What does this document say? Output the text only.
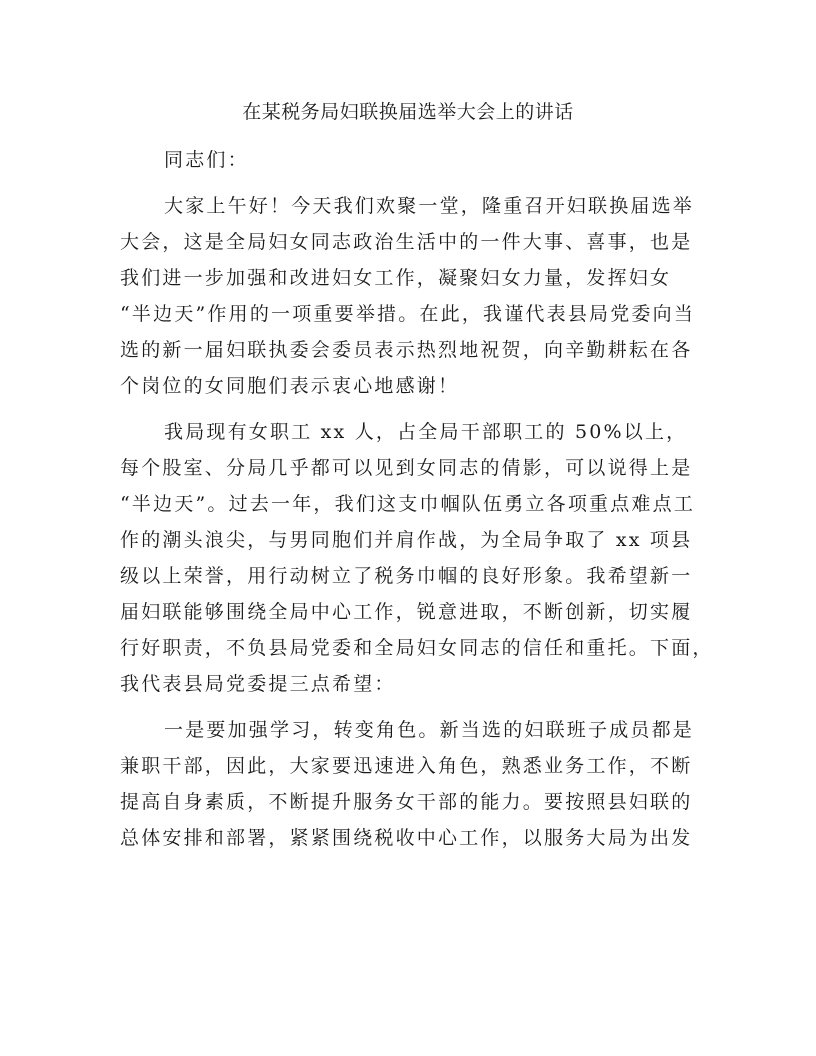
在某税务局妇联换届选举大会上的讲话
同志们：
大家上午好！今天我们欢聚一堂，隆重召开妇联换届选举
大会，这是全局妇女同志政治生活中的一件大事、喜事，也是
我们进一步加强和改进妇女工作，凝聚妇女力量，发挥妇女
“半边天”作用的一项重要举措。在此，我谨代表县局党委向当
选的新一届妇联执委会委员表示热烈地祝贺，向辛勤耕耘在各
个岗位的女同胞们表示衷心地感谢！
我局现有女职工 xx 人，占全局干部职工的 50%以上，
每个股室、分局几乎都可以见到女同志的倩影，可以说得上是
“半边天”。过去一年，我们这支巾帼队伍勇立各项重点难点工
作的潮头浪尖，与男同胞们并肩作战，为全局争取了 xx 项县
级以上荣誉，用行动树立了税务巾帼的良好形象。我希望新一
届妇联能够围绕全局中心工作，锐意进取，不断创新，切实履
行好职责，不负县局党委和全局妇女同志的信任和重托。下面，
我代表县局党委提三点希望：
一是要加强学习，转变角色。新当选的妇联班子成员都是
兼职干部，因此，大家要迅速进入角色，熟悉业务工作，不断
提高自身素质，不断提升服务女干部的能力。要按照县妇联的
总体安排和部署，紧紧围绕税收中心工作，以服务大局为出发
